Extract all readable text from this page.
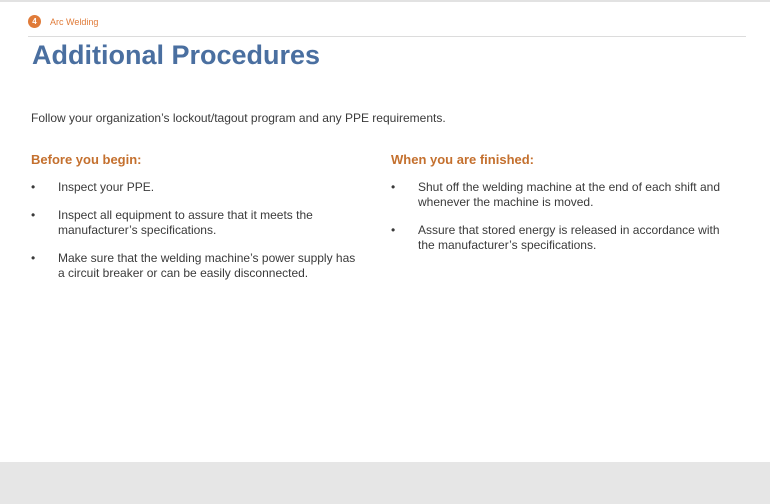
4	Arc Welding
Additional Procedures

Follow your organization’s lockout/tagout program and any PPE requirements.

Before you begin:
• Inspect your PPE.
• Inspect all equipment to assure that it meets the manufacturer’s specifications.
• Make sure that the welding machine’s power supply has a circuit breaker or can be easily disconnected.
When you are finished:
• Shut off the welding machine at the end of each shift and whenever the machine is moved.
• Assure that stored energy is released in accordance with the manufacturer’s specifications.
